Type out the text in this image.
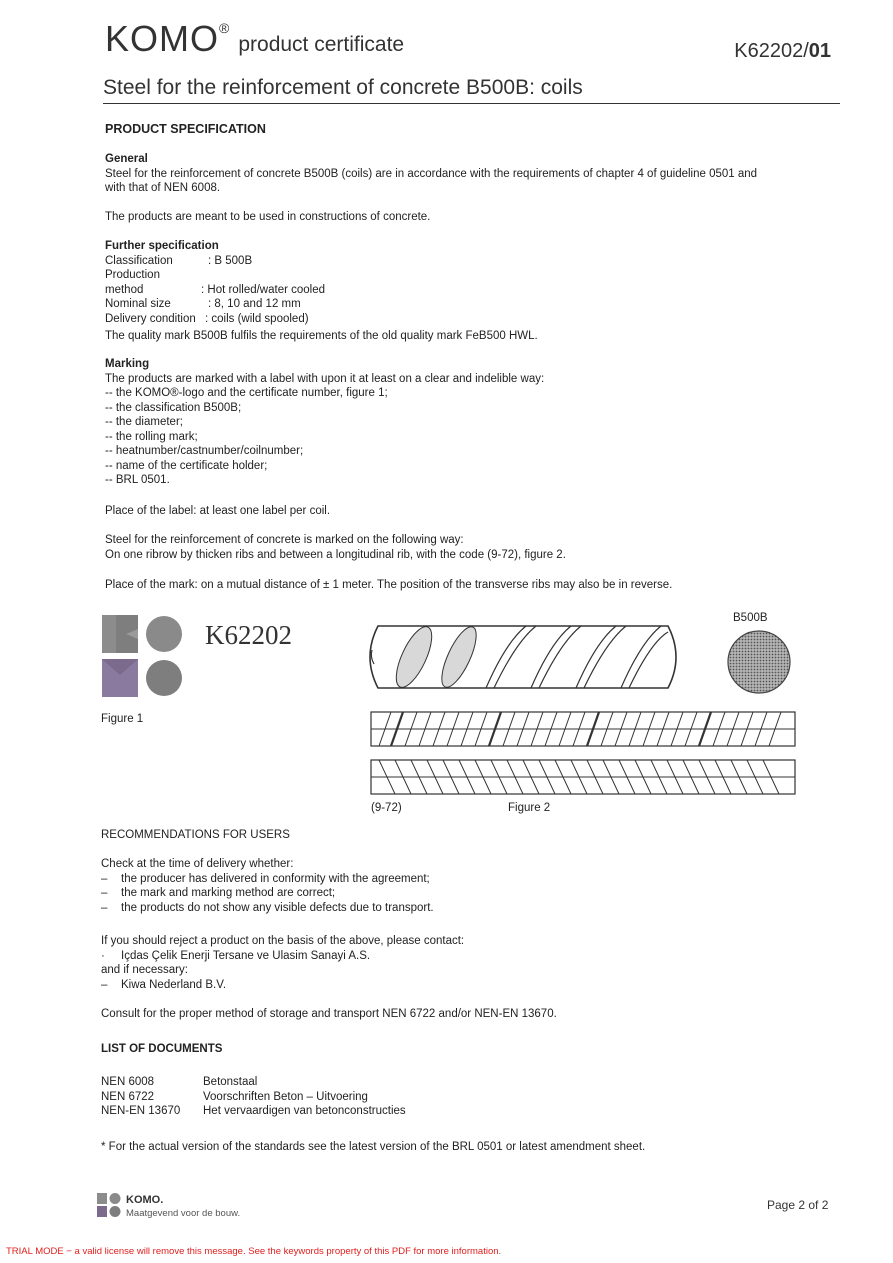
KOMO®product certificate	K62202/01
Steel for the reinforcement of concrete B500B: coils
PRODUCT SPECIFICATION
General
Steel for the reinforcement of concrete B500B (coils) are in accordance with the requirements of chapter 4 of guideline 0501 and
with that of NEN 6008.
The products are meant to be used in constructions of concrete.
Further specification
Classification	: B 500B
Production method	: Hot rolled/water cooled
Nominal size	: 8, 10 and 12 mm
Delivery condition : coils (wild spooled)
The quality mark B500B fulfils the requirements of the old quality mark FeB500 HWL.
Marking
The products are marked with a label with upon it at least on a clear and indelible way:
-- the KOMO®-logo and the certificate number, figure 1;
-- the classification B500B;
-- the diameter;
-- the rolling mark;
-- heatnumber/castnumber/coilnumber;
-- name of the certificate holder;
-- BRL 0501.
Place of the label: at least one label per coil.
Steel for the reinforcement of concrete is marked on the following way:
On one ribrow by thicken ribs and between a longitudinal rib, with the code (9-72), figure 2.
Place of the mark: on a mutual distance of ± 1 meter. The position of the transverse ribs may also be in reverse.
K62202
Figure 1
B500B
(9-72)	Figure 2
RECOMMENDATIONS FOR USERS
Check at the time of delivery whether:
– the producer has delivered in conformity with the agreement;
– the mark and marking method are correct;
– the products do not show any visible defects due to transport.
If you should reject a product on the basis of the above, please contact:
· Içdas Çelik Enerji Tersane ve Ulasim Sanayi A.S.
and if necessary:
– Kiwa Nederland B.V.
Consult for the proper method of storage and transport NEN 6722 and/or NEN-EN 13670.
LIST OF DOCUMENTS
NEN 6008	Betonstaal
NEN 6722	Voorschriften Beton – Uitvoering
NEN-EN 13670 Het vervaardigen van betonconstructies
* For the actual version of the standards see the latest version of the BRL 0501 or latest amendment sheet.
KOMO.
Maatgevend voor de bouw.
Page 2 of 2
TRIAL MODE − a valid license will remove this message. See the keywords property of this PDF for more information.
